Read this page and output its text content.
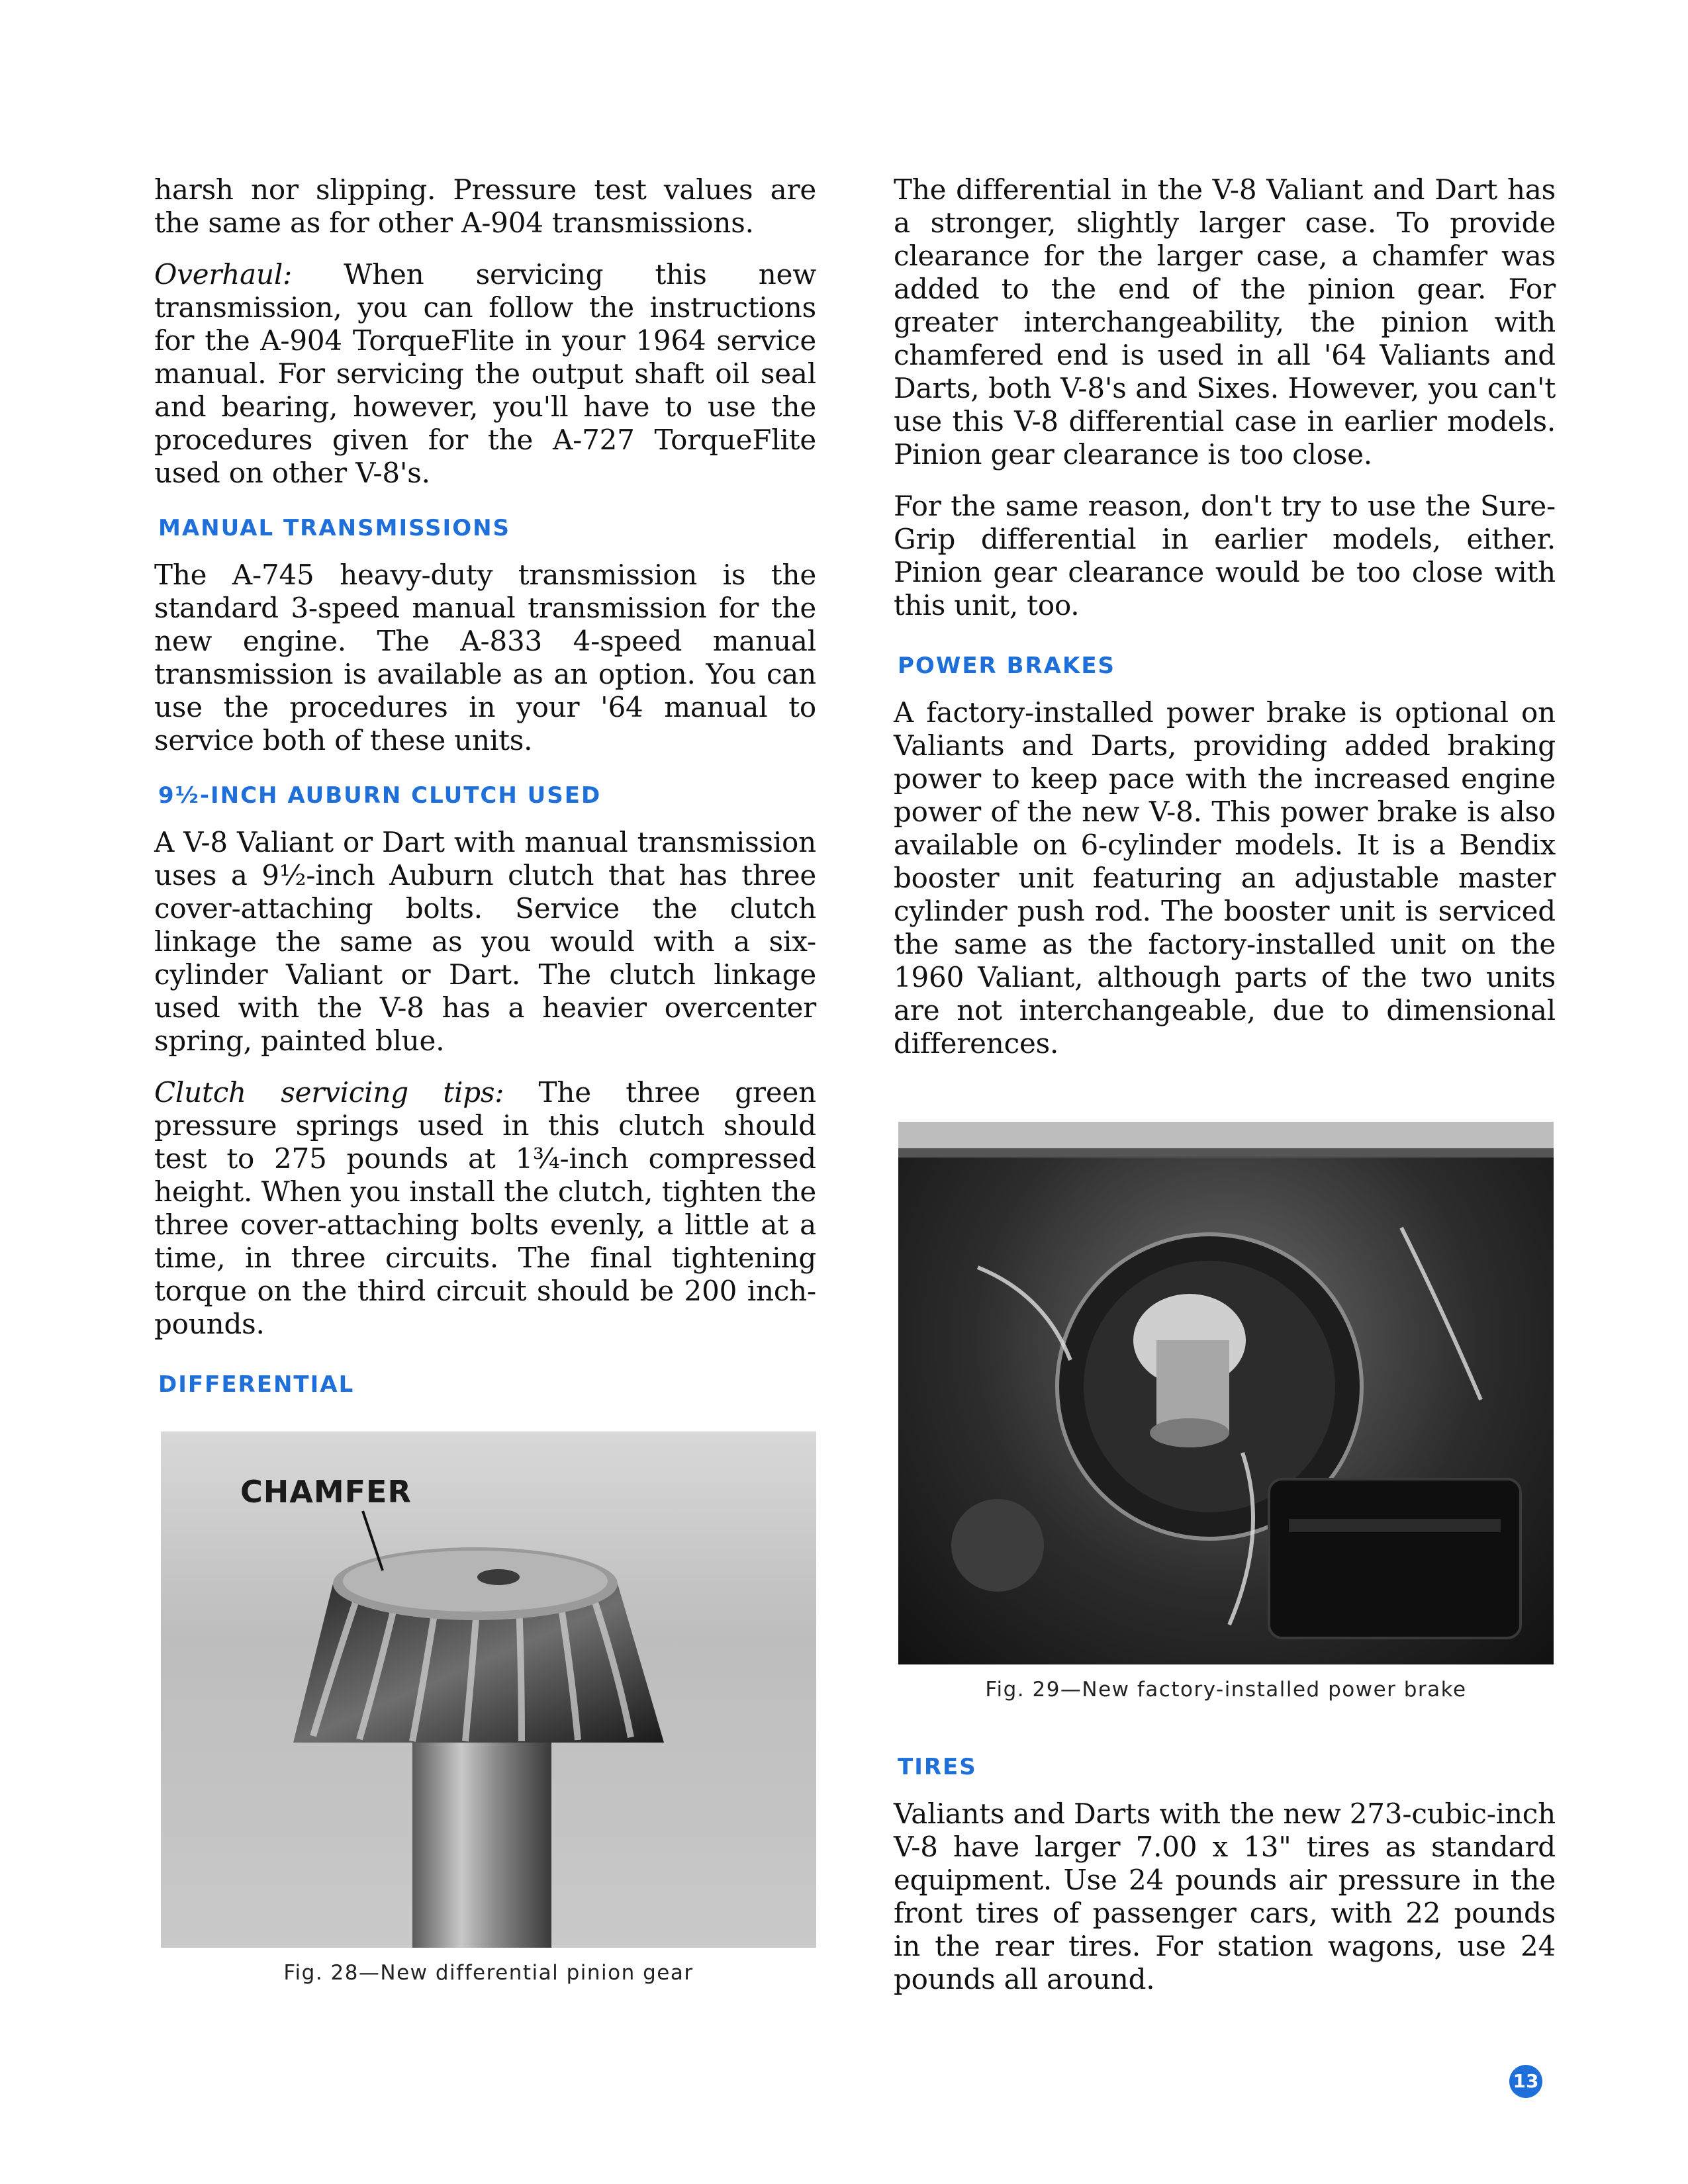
harsh nor slipping. Pressure test values are the same as for other A-904 transmissions.

Overhaul: When servicing this new transmission, you can follow the instructions for the A-904 TorqueFlite in your 1964 service manual. For servicing the output shaft oil seal and bearing, however, you'll have to use the procedures given for the A-727 TorqueFlite used on other V-8's.

MANUAL TRANSMISSIONS

The A-745 heavy-duty transmission is the standard 3-speed manual transmission for the new engine. The A-833 4-speed manual transmission is available as an option. You can use the procedures in your '64 manual to service both of these units.

9½-INCH AUBURN CLUTCH USED

A V-8 Valiant or Dart with manual transmission uses a 9½-inch Auburn clutch that has three cover-attaching bolts. Service the clutch linkage the same as you would with a six-cylinder Valiant or Dart. The clutch linkage used with the V-8 has a heavier overcenter spring, painted blue.

Clutch servicing tips: The three green pressure springs used in this clutch should test to 275 pounds at 1¾-inch compressed height. When you install the clutch, tighten the three cover-attaching bolts evenly, a little at a time, in three circuits. The final tightening torque on the third circuit should be 200 inch-pounds.

DIFFERENTIAL

The differential in the V-8 Valiant and Dart has a stronger, slightly larger case. To provide clearance for the larger case, a chamfer was added to the end of the pinion gear. For greater interchangeability, the pinion with chamfered end is used in all '64 Valiants and Darts, both V-8's and Sixes. However, you can't use this V-8 differential case in earlier models. Pinion gear clearance is too close.

For the same reason, don't try to use the Sure-Grip differential in earlier models, either. Pinion gear clearance would be too close with this unit, too.

POWER BRAKES

A factory-installed power brake is optional on Valiants and Darts, providing added braking power to keep pace with the increased engine power of the new V-8. This power brake is also available on 6-cylinder models. It is a Bendix booster unit featuring an adjustable master cylinder push rod. The booster unit is serviced the same as the factory-installed unit on the 1960 Valiant, although parts of the two units are not interchangeable, due to dimensional differences.

TIRES

Valiants and Darts with the new 273-cubic-inch V-8 have larger 7.00 x 13" tires as standard equipment. Use 24 pounds air pressure in the front tires of passenger cars, with 22 pounds in the rear tires. For station wagons, use 24 pounds all around.

CHAMFER
Fig. 28—New differential pinion gear
Fig. 29—New factory-installed power brake
13
